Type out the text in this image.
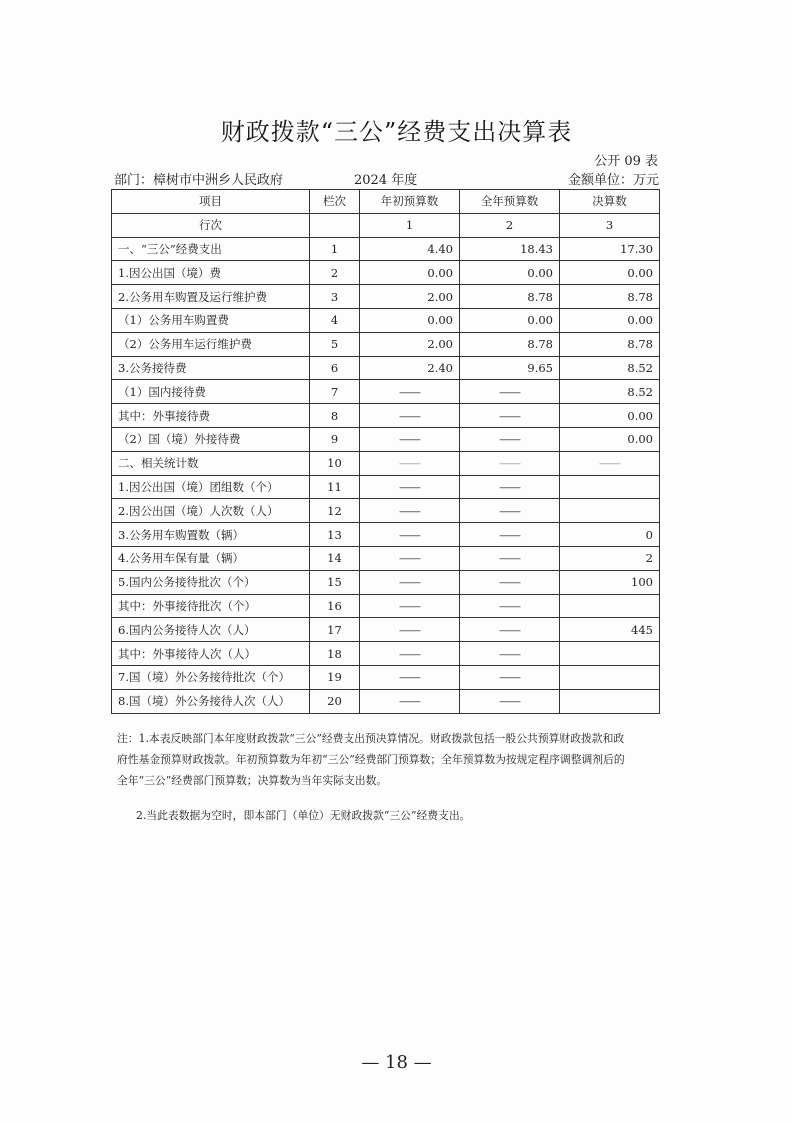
财政拨款“三公”经费支出决算表
公开 09 表
部门：樟树市中洲乡人民政府	2024 年度	金额单位：万元
项目	栏次	年初预算数	全年预算数	决算数
行次		1	2	3
一、“三公”经费支出	1	4.40	18.43	17.30
1.因公出国（境）费	2	0.00	0.00	0.00
2.公务用车购置及运行维护费	3	2.00	8.78	8.78
（1）公务用车购置费	4	0.00	0.00	0.00
（2）公务用车运行维护费	5	2.00	8.78	8.78
3.公务接待费	6	2.40	9.65	8.52
（1）国内接待费	7	——	——	8.52
其中：外事接待费	8	——	——	0.00
（2）国（境）外接待费	9	——	——	0.00
二、相关统计数	10	——	——	——
1.因公出国（境）团组数（个）	11	——	——	
2.因公出国（境）人次数（人）	12	——	——	
3.公务用车购置数（辆）	13	——	——	0
4.公务用车保有量（辆）	14	——	——	2
5.国内公务接待批次（个）	15	——	——	100
其中：外事接待批次（个）	16	——	——	
6.国内公务接待人次（人）	17	——	——	445
其中：外事接待人次（人）	18	——	——	
7.国（境）外公务接待批次（个）	19	——	——	
8.国（境）外公务接待人次（人）	20	——	——	
注：1.本表反映部门本年度财政拨款“三公”经费支出预决算情况。财政拨款包括一般公共预算财政拨款和政
府性基金预算财政拨款。年初预算数为年初“三公”经费部门预算数；全年预算数为按规定程序调整调剂后的
全年“三公”经费部门预算数；决算数为当年实际支出数。
2.当此表数据为空时，即本部门（单位）无财政拨款“三公”经费支出。
— 18 —
